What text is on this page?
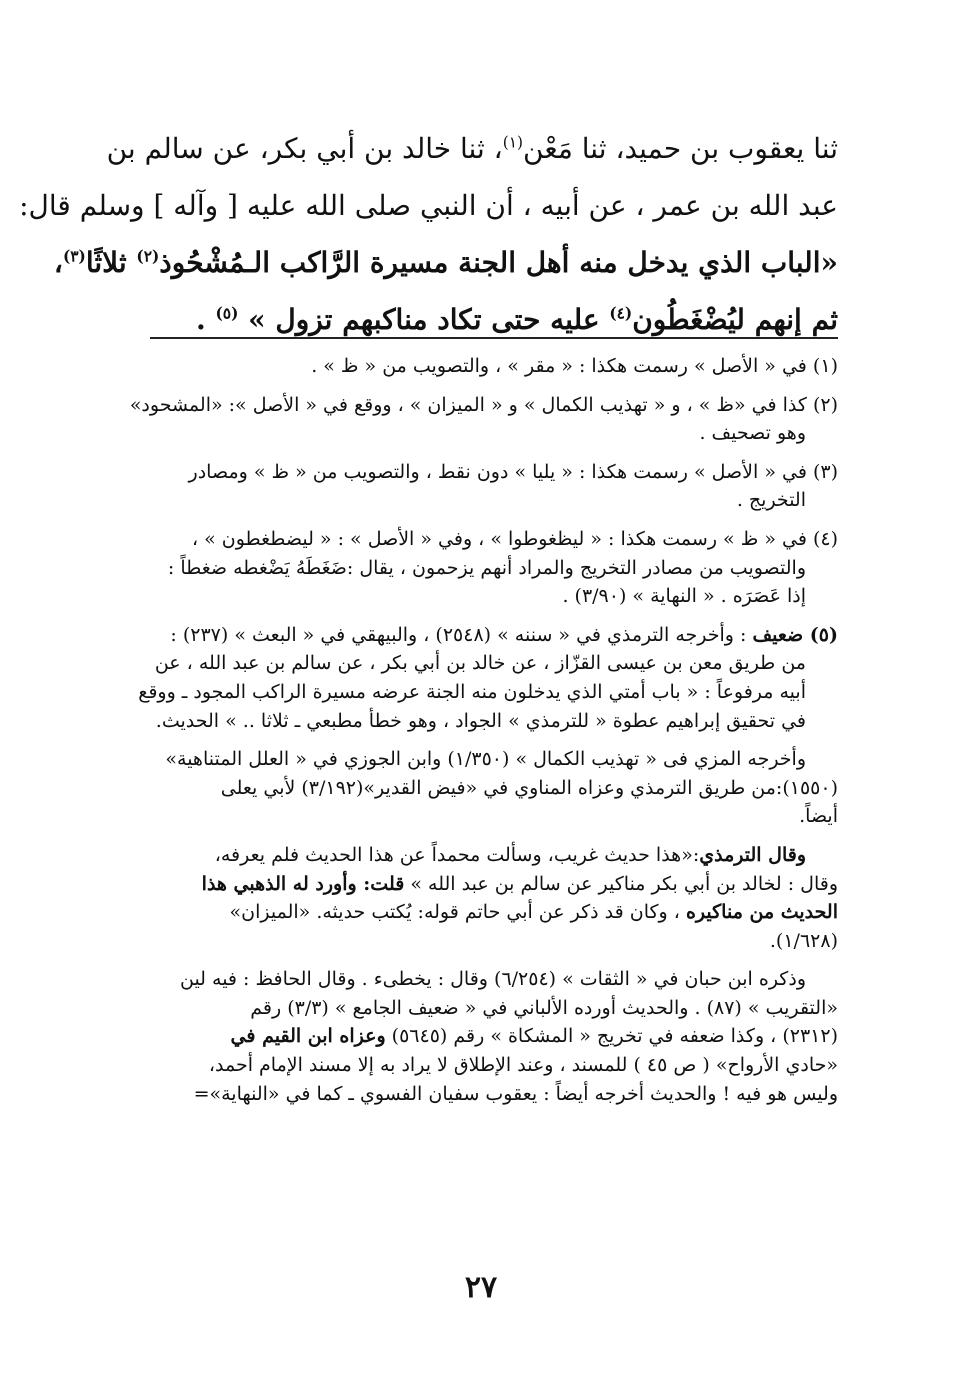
ثنا يعقوب بن حميد، ثنا مَعْن$^{(١)}$، ثنا خالد بن أبي بكر، عن سالم بن
عبد الله بن عمر ، عن أبيه ، أن النبي صلى الله عليه [ وآله ] وسلم قال:
«الباب الذي يدخل منه أهل الجنة مسيرة الرَّاكب الـمُشْحُوذ$^{(٢)}$ ثلاثًا$^{(٣)}$،
ثم إنهم ليُضْغَطُون$^{(٤)}$ عليه حتى تكاد مناكبهم تزول » $^{(٥)}$ .

(١) في « الأصل » رسمت هكذا : « مقر » ، والتصويب من « ظ » .
(٢) كذا في «ظ » ، و « تهذيب الكمال » و « الميزان » ، ووقع في « الأصل »: «المشحود»
وهو تصحيف .
(٣) في « الأصل » رسمت هكذا : « يليا » دون نقط ، والتصويب من « ظ » ومصادر
التخريج .
(٤) في « ظ » رسمت هكذا : « ليظغوطوا » ، وفي « الأصل » : « ليضطغطون » ،
والتصويب من مصادر التخريج والمراد أنهم يزحمون ، يقال :ضَغَطَهُ يَضْغطه ضغطاً :
إذا عَصَرَه . « النهاية » (٣/٩٠) .
(٥) ضعيف : وأخرجه الترمذي في « سننه » (٢٥٤٨) ، والبيهقي في « البعث » (٢٣٧) :
من طريق معن بن عيسى القزّاز ، عن خالد بن أبي بكر ، عن سالم بن عبد الله ، عن
أبيه مرفوعاً : « باب أمتي الذي يدخلون منه الجنة عرضه مسيرة الراكب المجود ـ ووقع
في تحقيق إبراهيم عطوة « للترمذي » الجواد ، وهو خطأ مطبعي ـ ثلاثا .. » الحديث.
وأخرجه المزي فى « تهذيب الكمال » (١/٣٥٠) وابن الجوزي في « العلل المتناهية»
(١٥٥٠):من طريق الترمذي وعزاه المناوي في «فيض القدير»(٣/١٩٢) لأبي يعلى
أيضاً.
وقال الترمذي:«هذا حديث غريب، وسألت محمداً عن هذا الحديث فلم يعرفه،
وقال : لخالد بن أبي بكر مناكير عن سالم بن عبد الله » قلت: وأورد له الذهبي هذا
الحديث من مناكيره ، وكان قد ذكر عن أبي حاتم قوله: يُكتب حديثه. «الميزان»
(١/٦٢٨).
وذكره ابن حبان في « الثقات » (٦/٢٥٤) وقال : يخطىء . وقال الحافظ : فيه لين
«التقريب » (٨٧) . والحديث أورده الألباني في « ضعيف الجامع » (٣/٣) رقم
(٢٣١٢) ، وكذا ضعفه في تخريج « المشكاة » رقم (٥٦٤٥) وعزاه ابن القيم في
«حادي الأرواح» ( ص ٤٥ ) للمسند ، وعند الإطلاق لا يراد به إلا مسند الإمام أحمد،
وليس هو فيه ! والحديث أخرجه أيضاً : يعقوب سفيان الفسوي ـ كما في «النهاية»=
٢٧
